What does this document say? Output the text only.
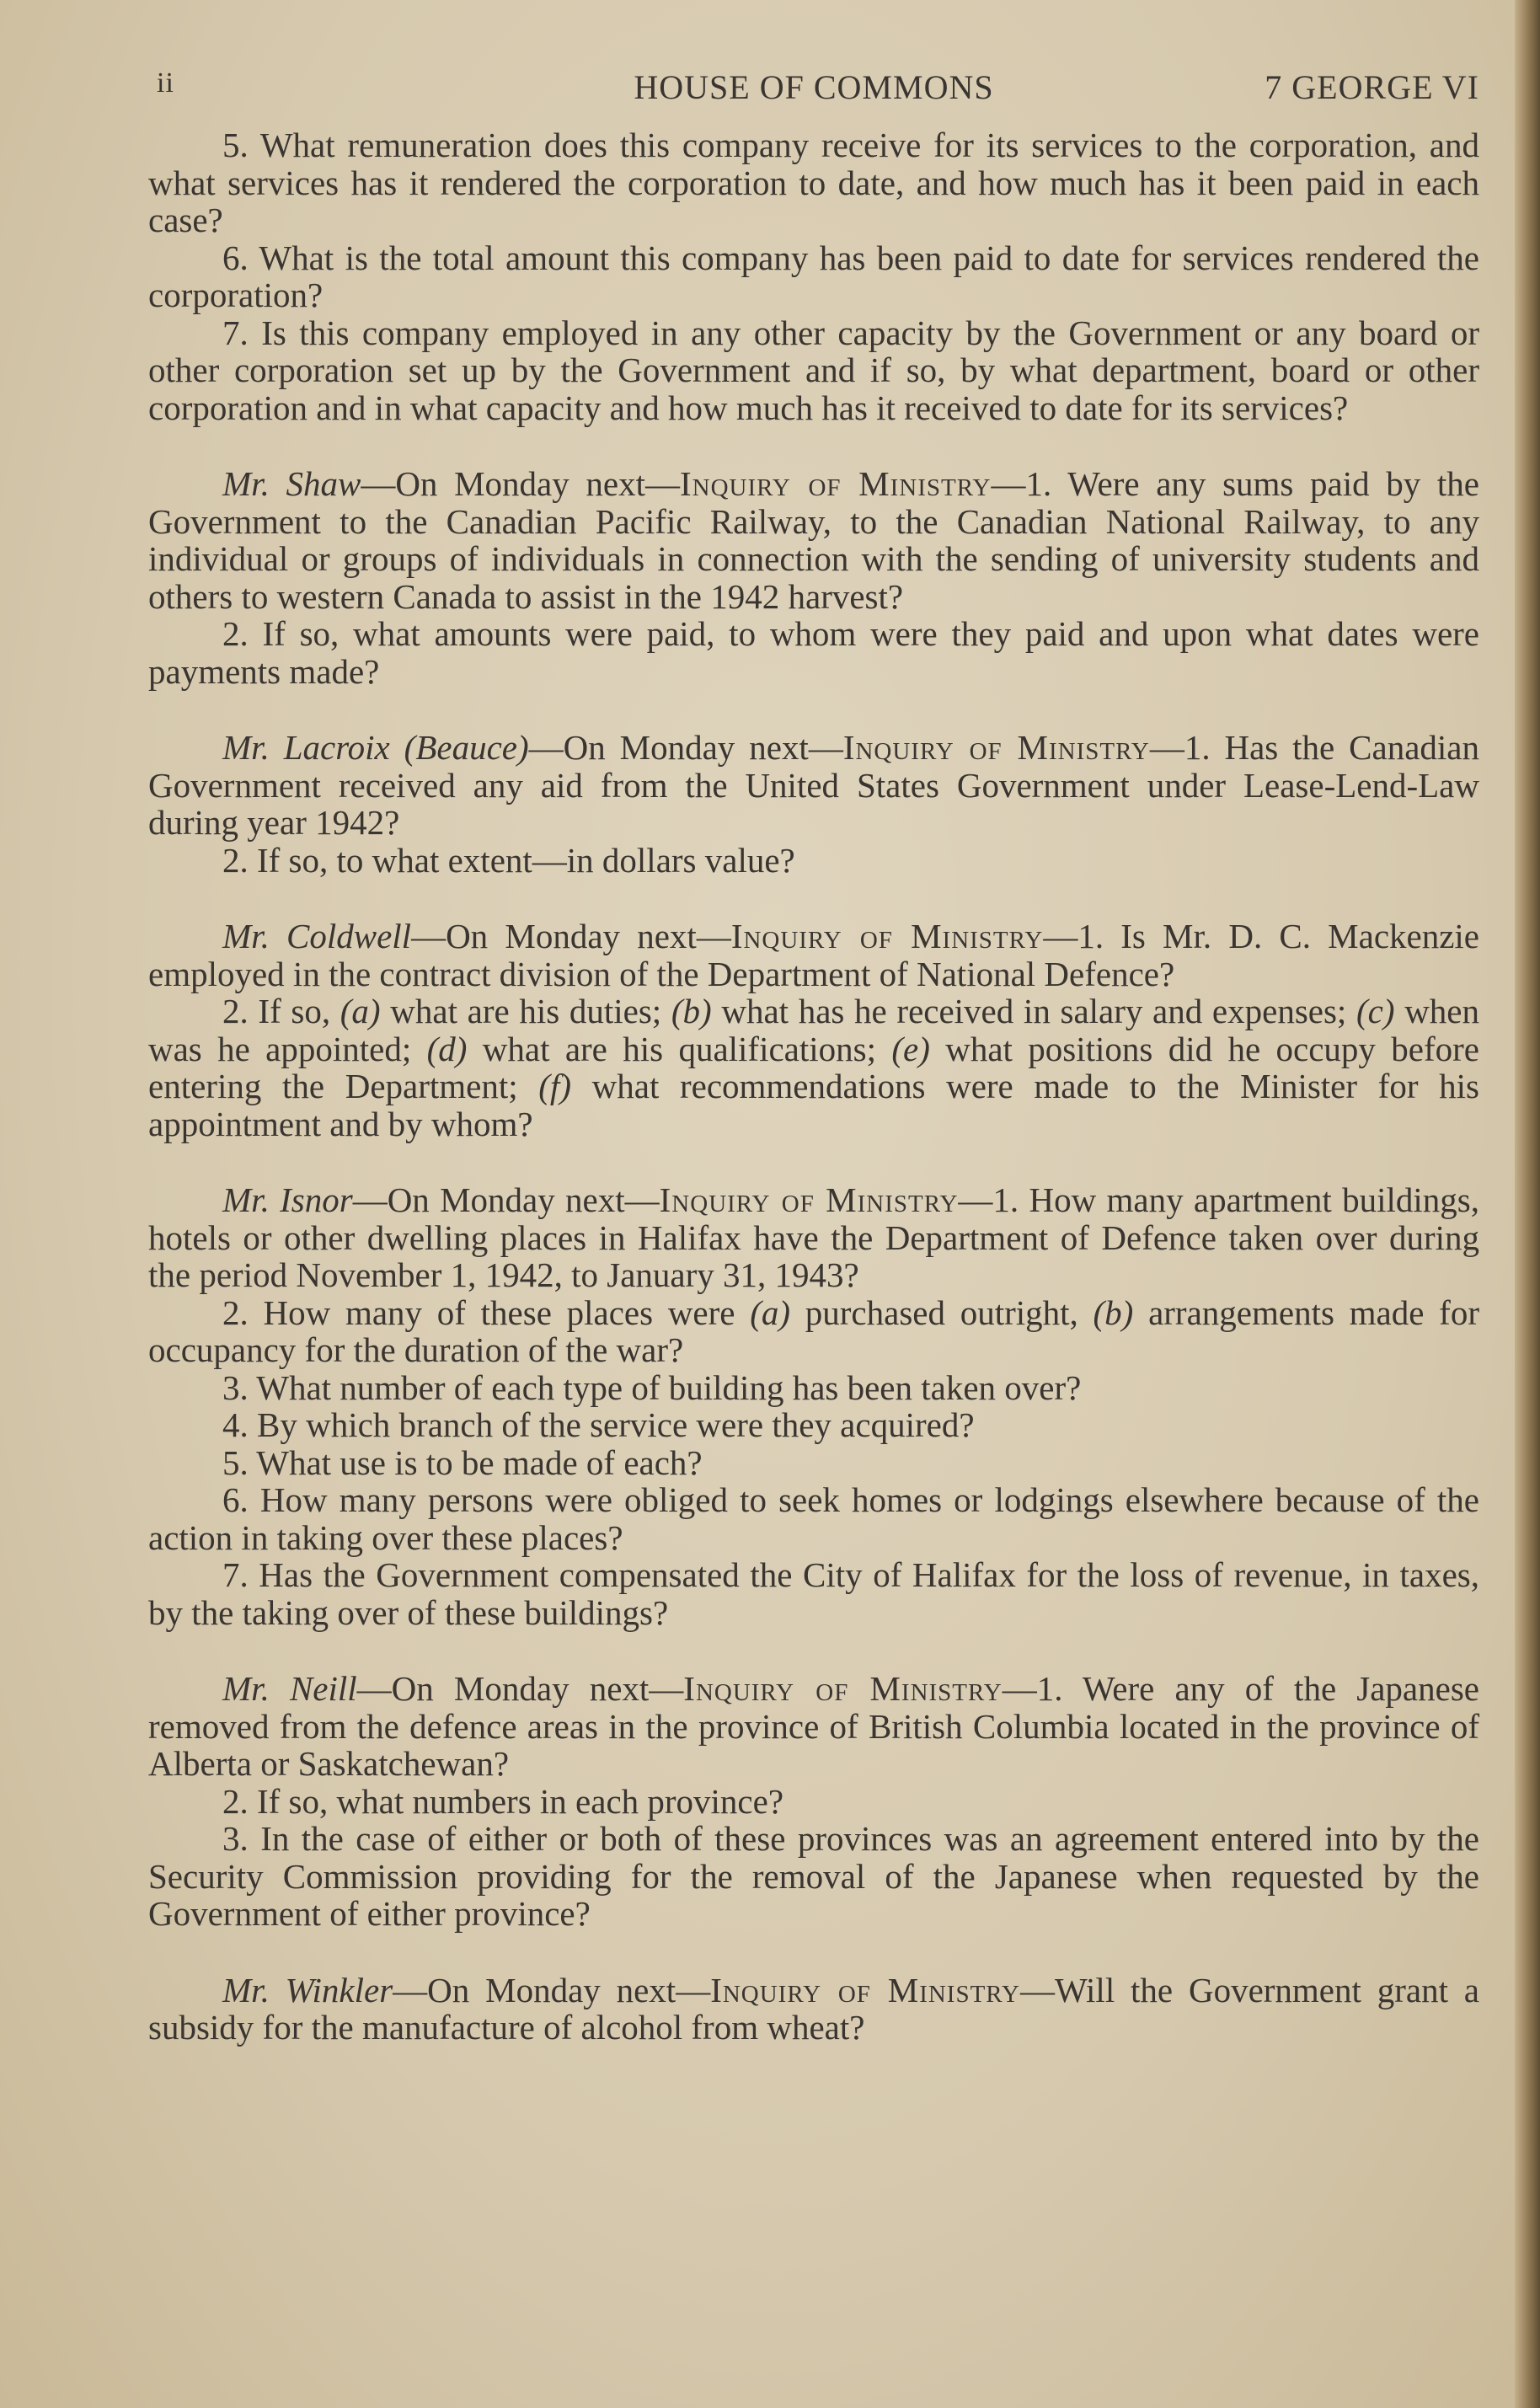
ii	HOUSE OF COMMONS	7 GEORGE VI

5. What remuneration does this company receive for its services to the corporation, and what services has it rendered the corporation to date, and how much has it been paid in each case?

6. What is the total amount this company has been paid to date for services rendered the corporation?

7. Is this company employed in any other capacity by the Government or any board or other corporation set up by the Government and if so, by what department, board or other corporation and in what capacity and how much has it received to date for its services?

Mr. Shaw—On Monday next—Inquiry of Ministry—1. Were any sums paid by the Government to the Canadian Pacific Railway, to the Canadian National Railway, to any individual or groups of individuals in connection with the sending of university students and others to western Canada to assist in the 1942 harvest?

2. If so, what amounts were paid, to whom were they paid and upon what dates were payments made?

Mr. Lacroix (Beauce)—On Monday next—Inquiry of Ministry—1. Has the Canadian Government received any aid from the United States Government under Lease-Lend-Law during year 1942?

2. If so, to what extent—in dollars value?

Mr. Coldwell—On Monday next—Inquiry of Ministry—1. Is Mr. D. C. Mackenzie employed in the contract division of the Department of National Defence?

2. If so, (a) what are his duties; (b) what has he received in salary and expenses; (c) when was he appointed; (d) what are his qualifications; (e) what positions did he occupy before entering the Department; (f) what recommendations were made to the Minister for his appointment and by whom?

Mr. Isnor—On Monday next—Inquiry of Ministry—1. How many apartment buildings, hotels or other dwelling places in Halifax have the Department of Defence taken over during the period November 1, 1942, to January 31, 1943?

2. How many of these places were (a) purchased outright, (b) arrangements made for occupancy for the duration of the war?

3. What number of each type of building has been taken over?

4. By which branch of the service were they acquired?

5. What use is to be made of each?

6. How many persons were obliged to seek homes or lodgings elsewhere because of the action in taking over these places?

7. Has the Government compensated the City of Halifax for the loss of revenue, in taxes, by the taking over of these buildings?

Mr. Neill—On Monday next—Inquiry of Ministry—1. Were any of the Japanese removed from the defence areas in the province of British Columbia located in the province of Alberta or Saskatchewan?

2. If so, what numbers in each province?

3. In the case of either or both of these provinces was an agreement entered into by the Security Commission providing for the removal of the Japanese when requested by the Government of either province?

Mr. Winkler—On Monday next—Inquiry of Ministry—Will the Government grant a subsidy for the manufacture of alcohol from wheat?
